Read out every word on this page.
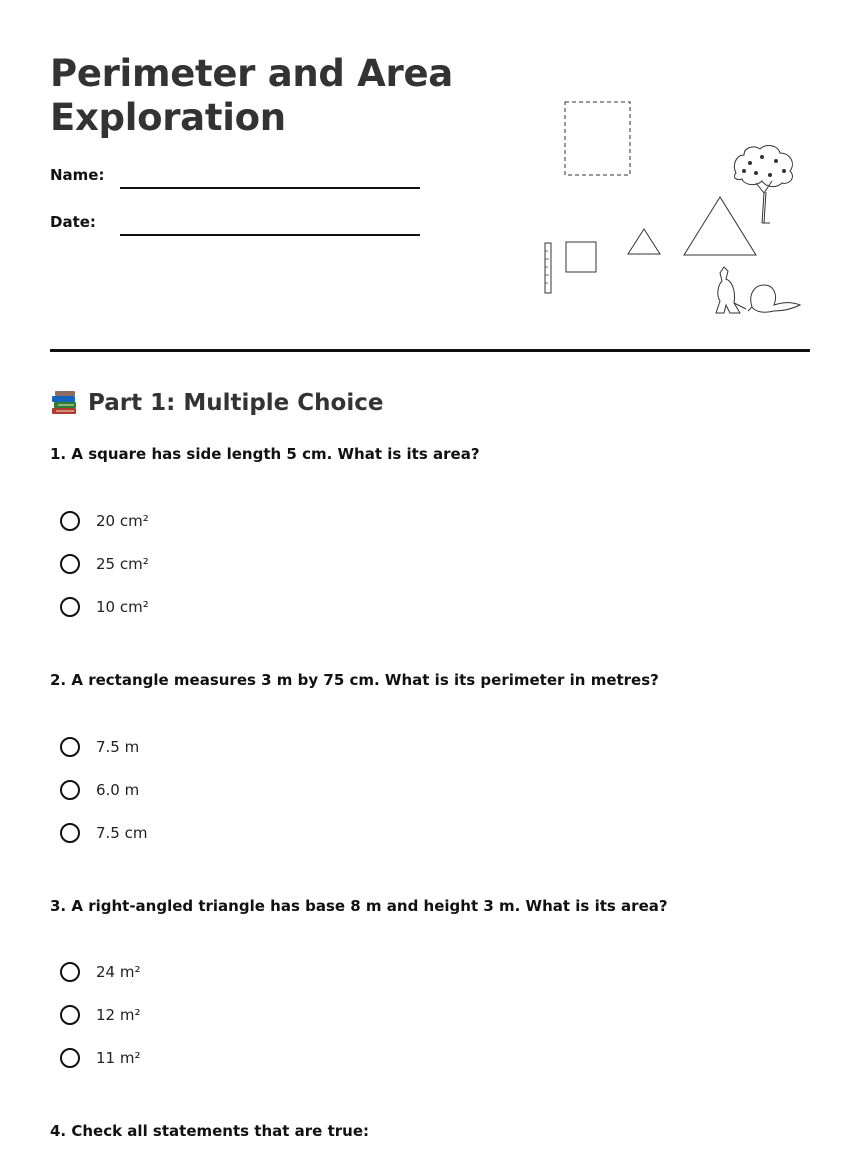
Perimeter and Area
Exploration
Name:
Date:
Part 1: Multiple Choice

1. A square has side length 5 cm. What is its area?

20 cm²
25 cm²
10 cm²

2. A rectangle measures 3 m by 75 cm. What is its perimeter in metres?

7.5 m
6.0 m
7.5 cm

3. A right-angled triangle has base 8 m and height 3 m. What is its area?

24 m²
12 m²
11 m²

4. Check all statements that are true:
